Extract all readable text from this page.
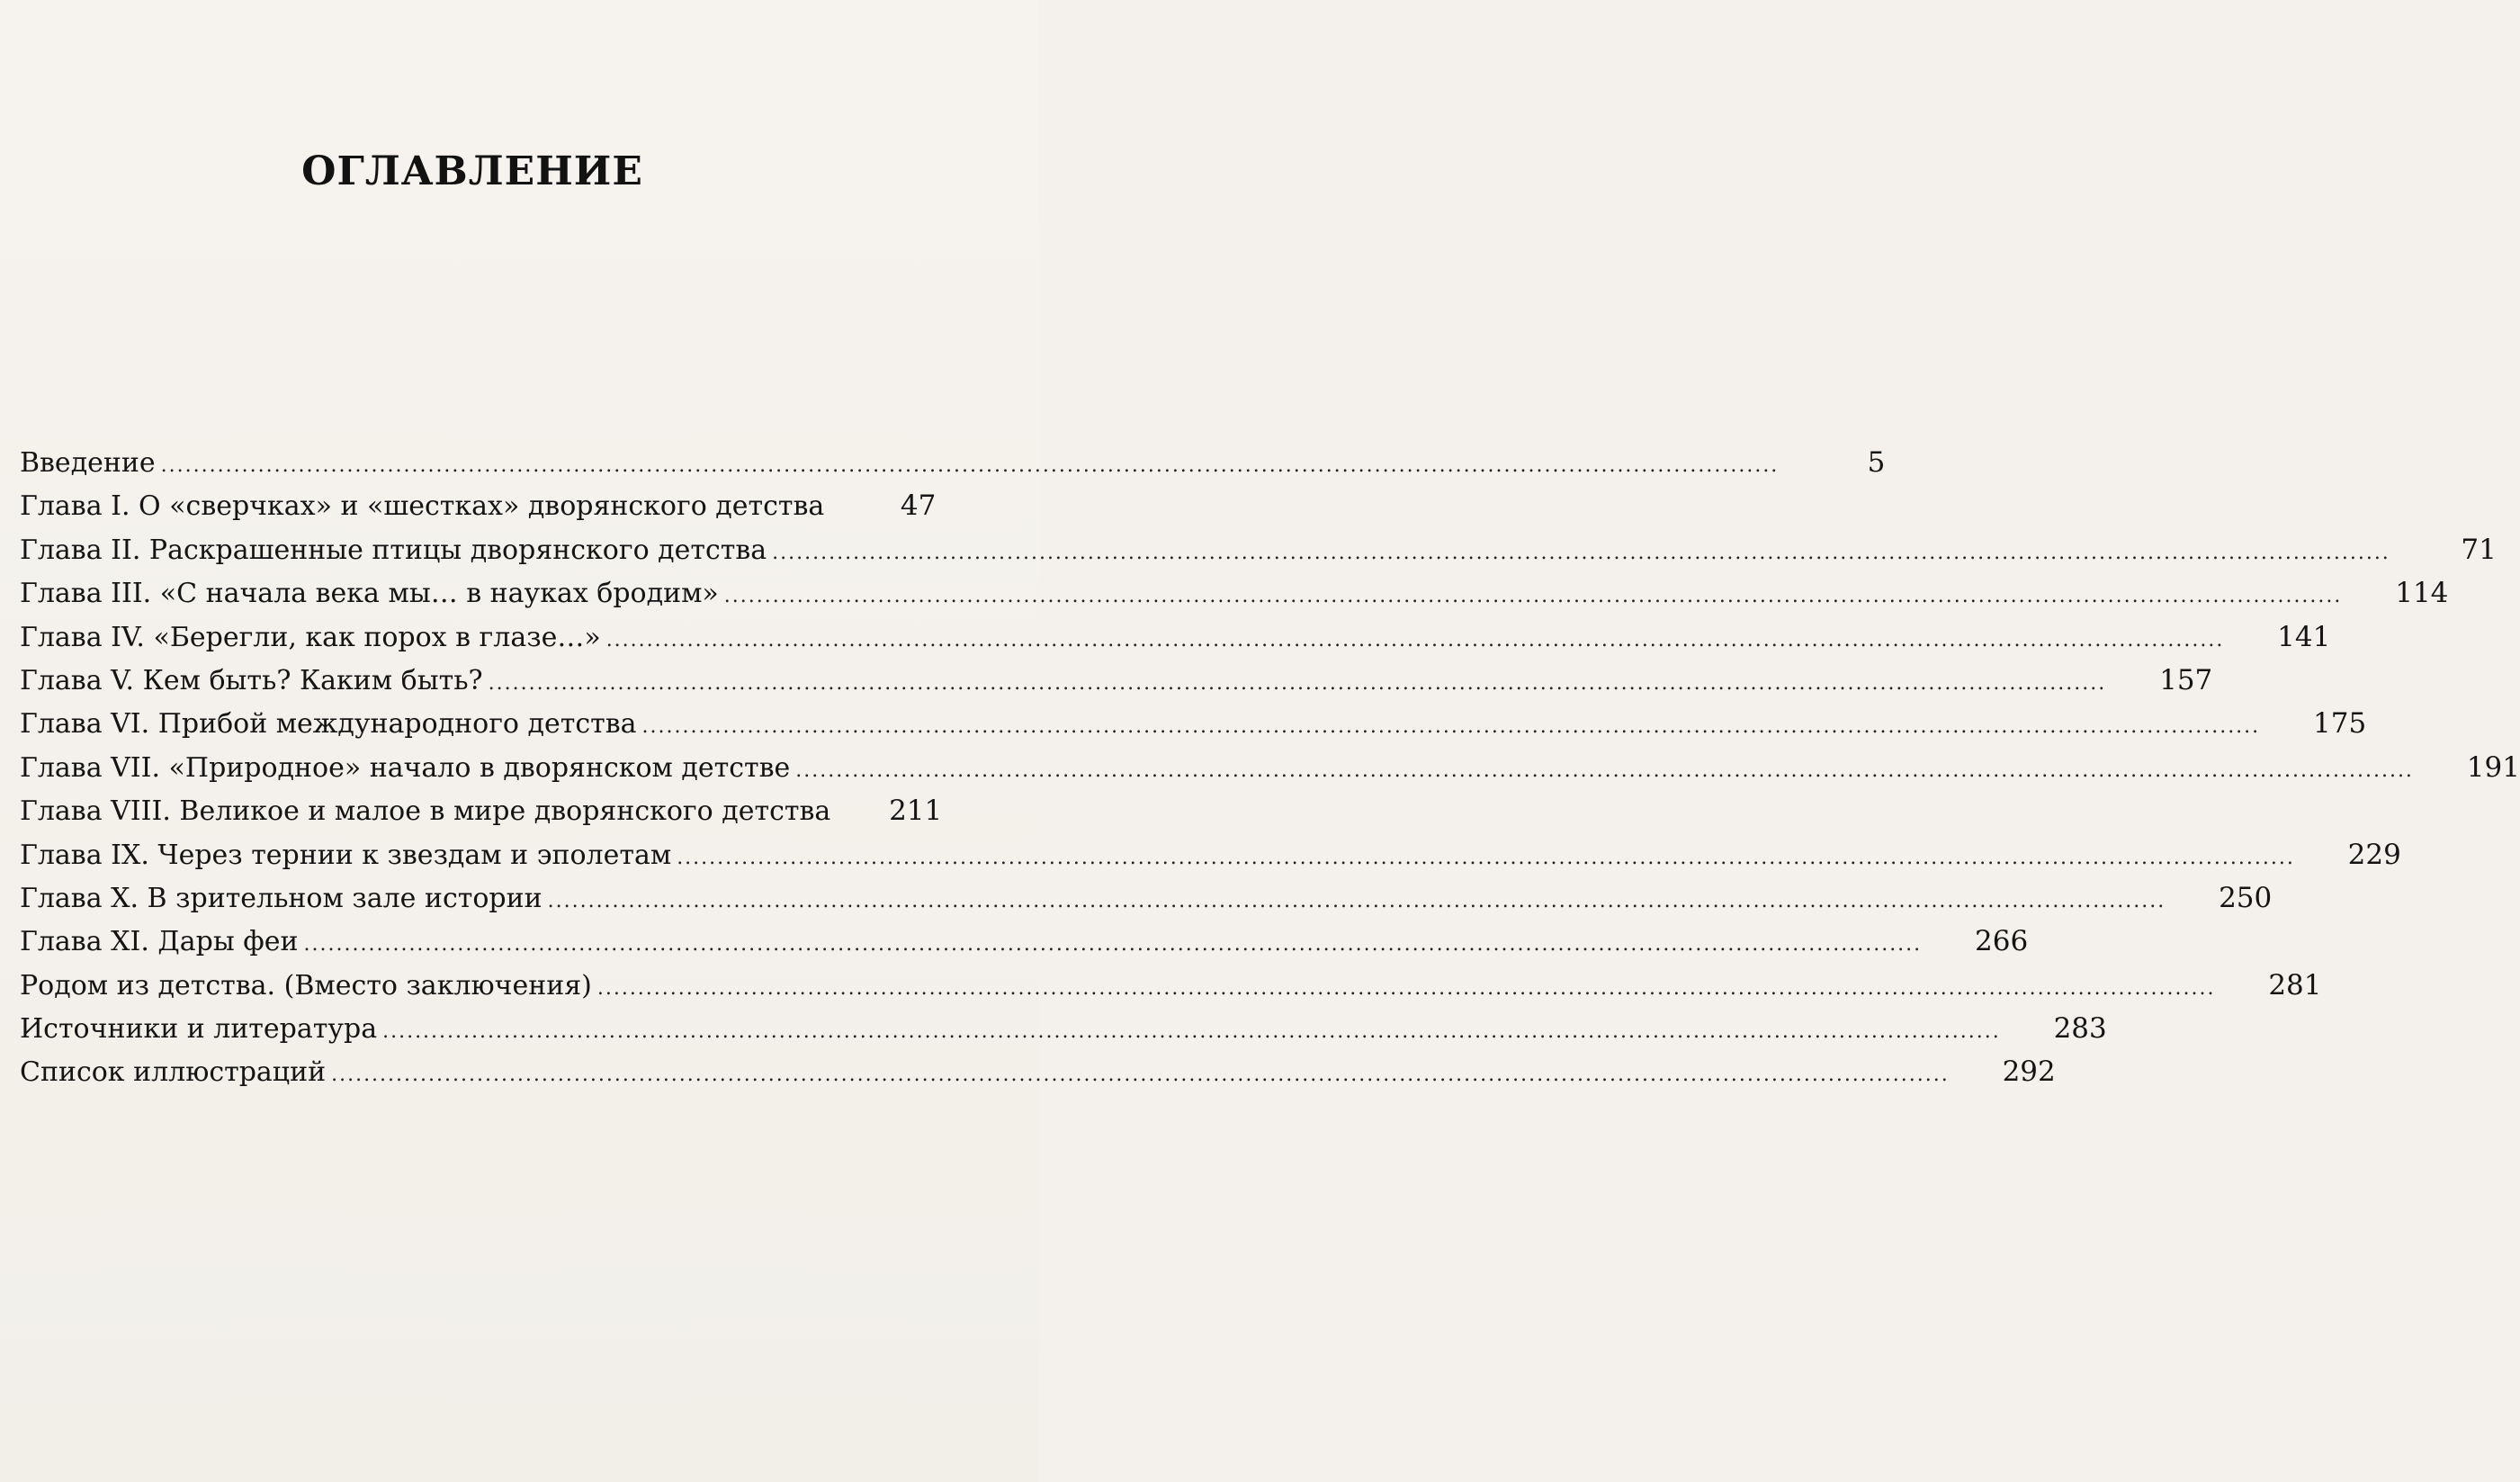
ОГЛАВЛЕНИЕ
Введение ........................................................................................................................................................................................................	5
Глава I. О «сверчках» и «шестках» дворянского детства	47
Глава II. Раскрашенные птицы дворянского детства ........................................................................................................................................................................................................	71
Глава III. «С начала века мы… в науках бродим» ........................................................................................................................................................................................................	114
Глава IV. «Берегли, как порох в глазе…» ........................................................................................................................................................................................................	141
Глава V. Кем быть? Каким быть? ........................................................................................................................................................................................................	157
Глава VI. Прибой международного детства ........................................................................................................................................................................................................	175
Глава VII. «Природное» начало в дворянском детстве ........................................................................................................................................................................................................	191
Глава VIII. Великое и малое в мире дворянского детства	211
Глава IX. Через тернии к звездам и эполетам ........................................................................................................................................................................................................	229
Глава X. В зрительном зале истории ........................................................................................................................................................................................................	250
Глава XI. Дары феи ........................................................................................................................................................................................................	266
Родом из детства. (Вместо заключения) ........................................................................................................................................................................................................	281
Источники и литература ........................................................................................................................................................................................................	283
Список иллюстраций ........................................................................................................................................................................................................	292
